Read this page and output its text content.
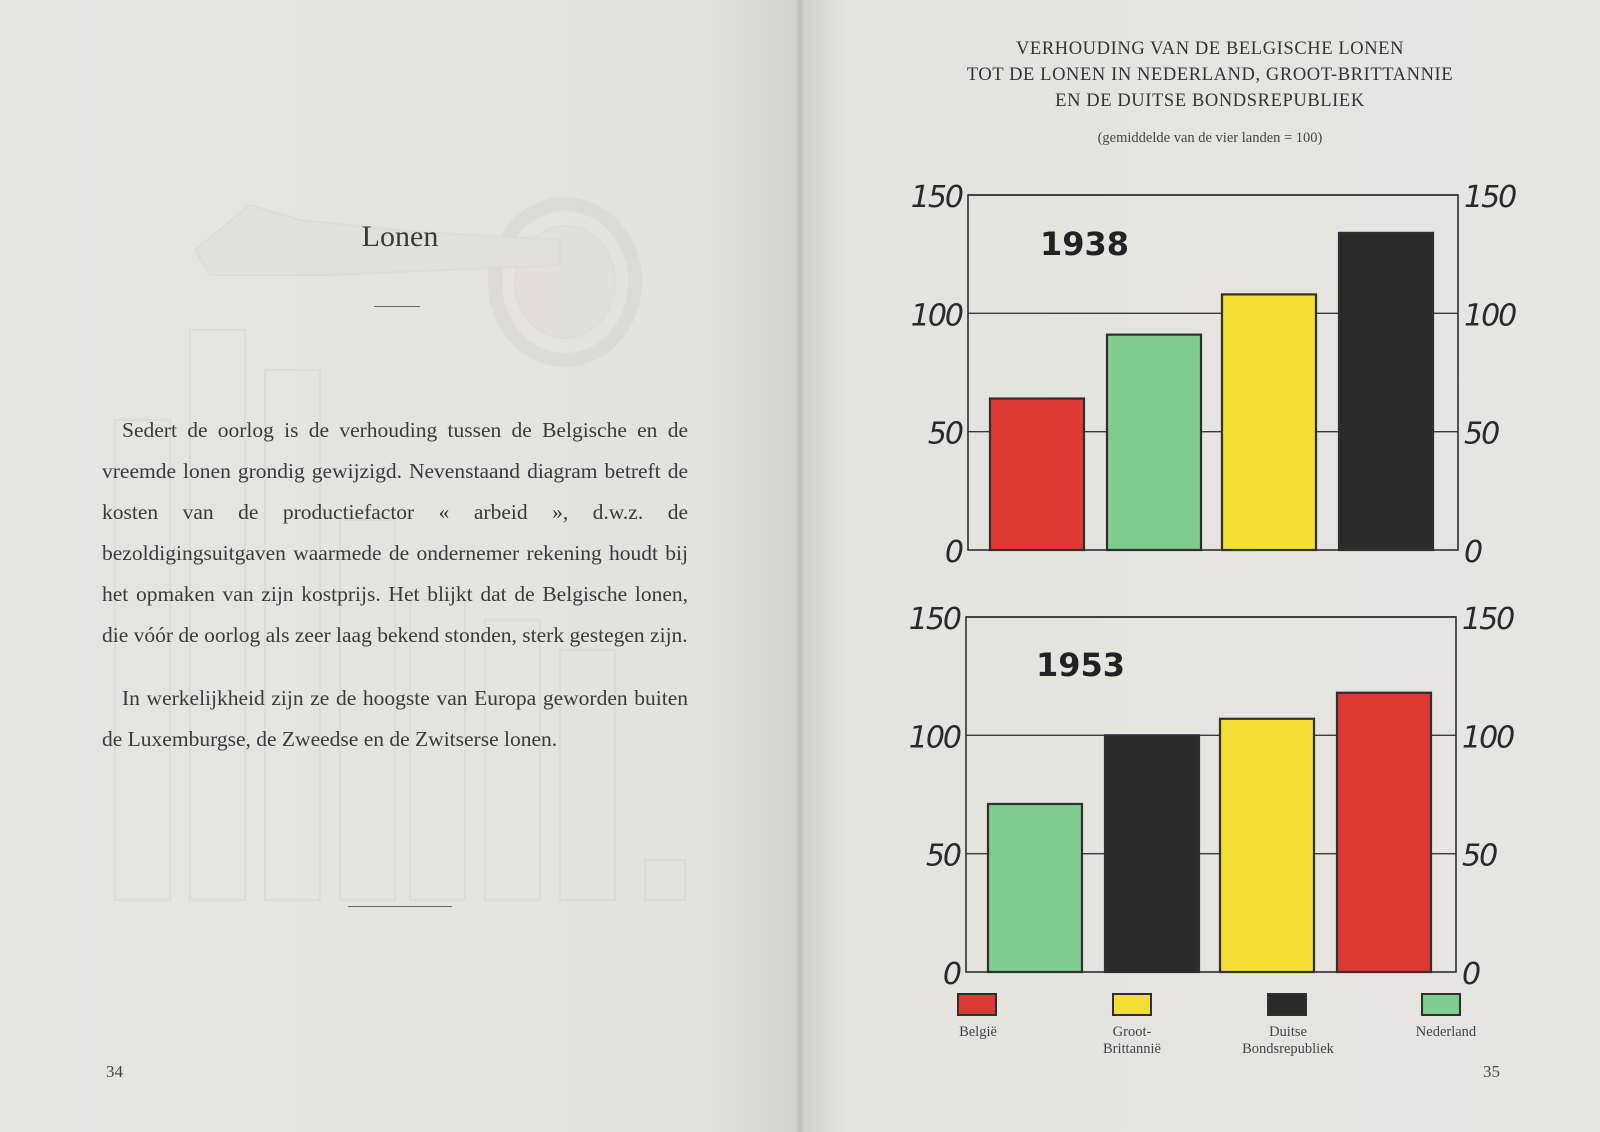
Lonen

Sedert de oorlog is de verhouding tussen de Belgische en de vreemde lonen grondig gewijzigd. Nevenstaand diagram betreft de kosten van de productiefactor « arbeid », d.w.z. de bezoldigingsuitgaven waarmede de ondernemer rekening houdt bij het opmaken van zijn kostprijs. Het blijkt dat de Belgische lonen, die vóór de oorlog als zeer laag bekend stonden, sterk gestegen zijn.

In werkelijkheid zijn ze de hoogste van Europa geworden buiten de Luxemburgse, de Zweedse en de Zwitserse lonen.

34
VERHOUDING VAN DE BELGISCHE LONEN
TOT DE LONEN IN NEDERLAND, GROOT-BRITTANNIE
EN DE DUITSE BONDSREPUBLIEK
(gemiddelde van de vier landen = 100)
0	0
50	50
100	100
150	150
1938
0	0
50	50
100	100
150	150
1953
België	Groot-
Brittannië
Duitse
Bondsrepubliek
Nederland
35
